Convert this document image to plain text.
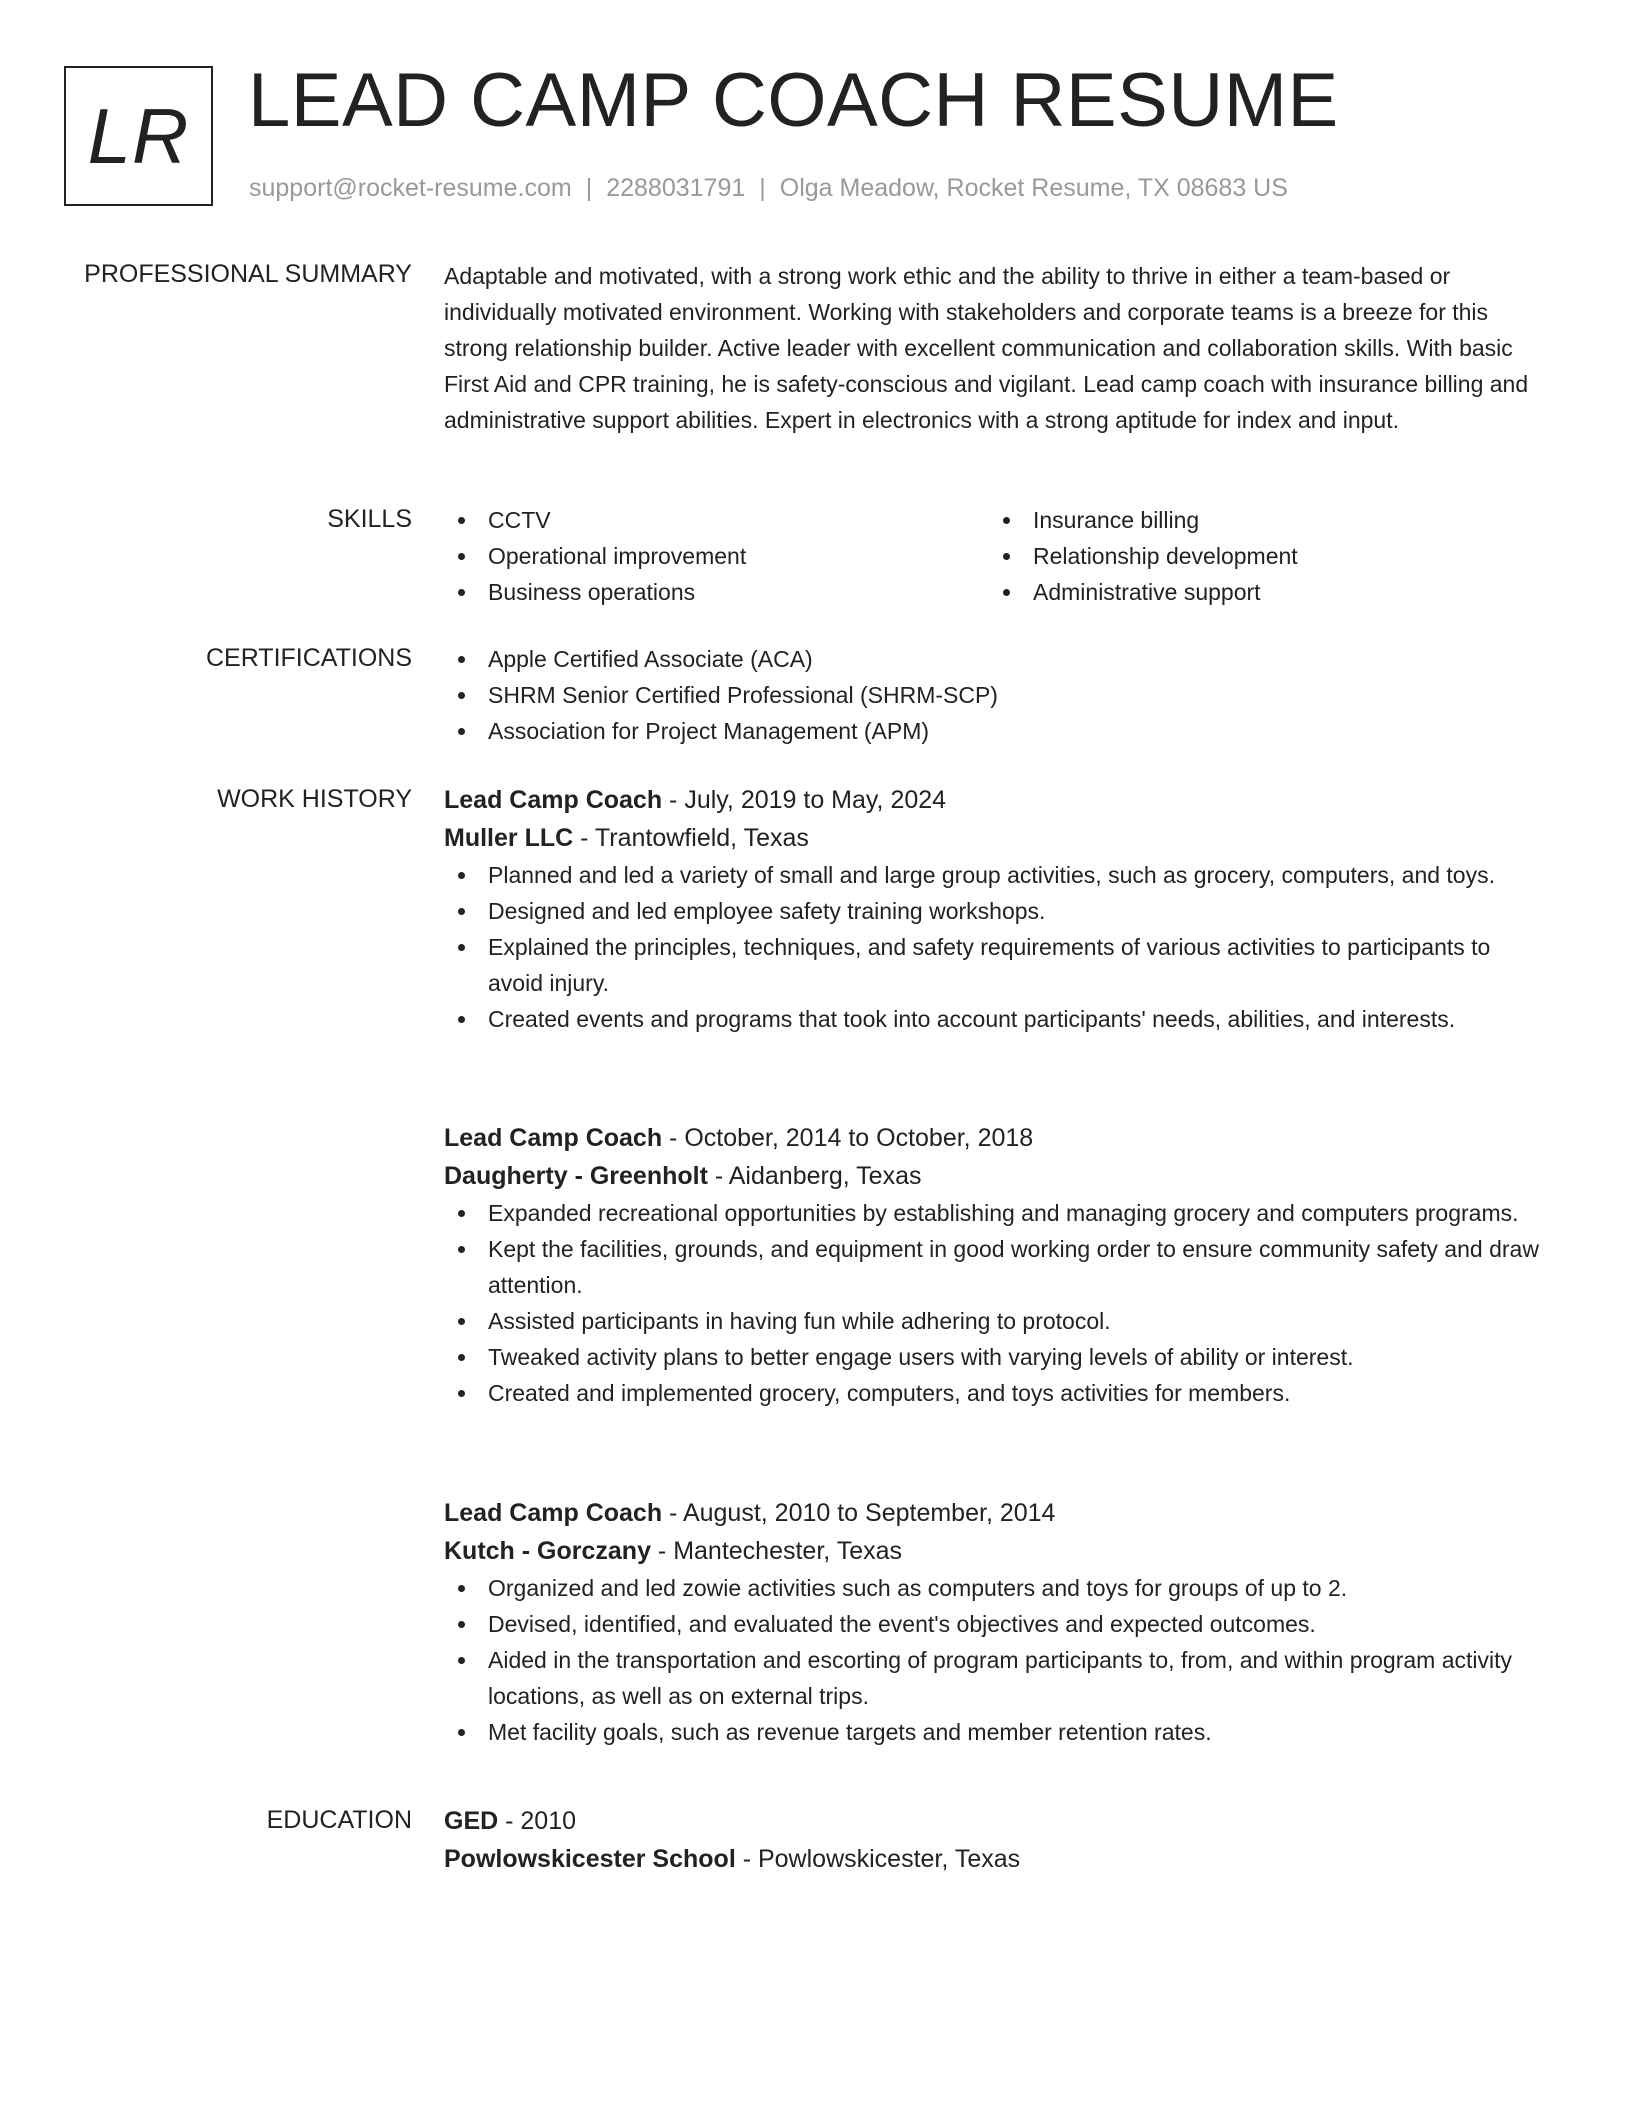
LR LEAD CAMP COACH RESUME
support@rocket-resume.com | 2288031791 | Olga Meadow, Rocket Resume, TX 08683 US
PROFESSIONAL SUMMARY Adaptable and motivated, with a strong work ethic and the ability to thrive in either a team-based or individually motivated environment. Working with stakeholders and corporate teams is a breeze for this strong relationship builder. Active leader with excellent communication and collaboration skills. With basic First Aid and CPR training, he is safety-conscious and vigilant. Lead camp coach with insurance billing and administrative support abilities. Expert in electronics with a strong aptitude for index and input.

SKILLS	CCTV
Operational improvement
Business operations
Insurance billing
Relationship development
Administrative support
CERTIFICATIONS	Apple Certified Associate (ACA)
SHRM Senior Certified Professional (SHRM-SCP)
Association for Project Management (APM)
WORK HISTORY Lead Camp Coach - July, 2019 to May, 2024
Muller LLC - Trantowfield, Texas
Planned and led a variety of small and large group activities, such as grocery, computers, and toys.
Designed and led employee safety training workshops.
Explained the principles, techniques, and safety requirements of various activities to participants to avoid injury.
Created events and programs that took into account participants' needs, abilities, and interests.
Lead Camp Coach - October, 2014 to October, 2018
Daugherty - Greenholt - Aidanberg, Texas
Expanded recreational opportunities by establishing and managing grocery and computers programs.
Kept the facilities, grounds, and equipment in good working order to ensure community safety and draw attention.
Assisted participants in having fun while adhering to protocol.
Tweaked activity plans to better engage users with varying levels of ability or interest.
Created and implemented grocery, computers, and toys activities for members.
Lead Camp Coach - August, 2010 to September, 2014
Kutch - Gorczany - Mantechester, Texas
Organized and led zowie activities such as computers and toys for groups of up to 2.
Devised, identified, and evaluated the event's objectives and expected outcomes.
Aided in the transportation and escorting of program participants to, from, and within program activity locations, as well as on external trips.
Met facility goals, such as revenue targets and member retention rates.
EDUCATION GED - 2010
Powlowskicester School - Powlowskicester, Texas
